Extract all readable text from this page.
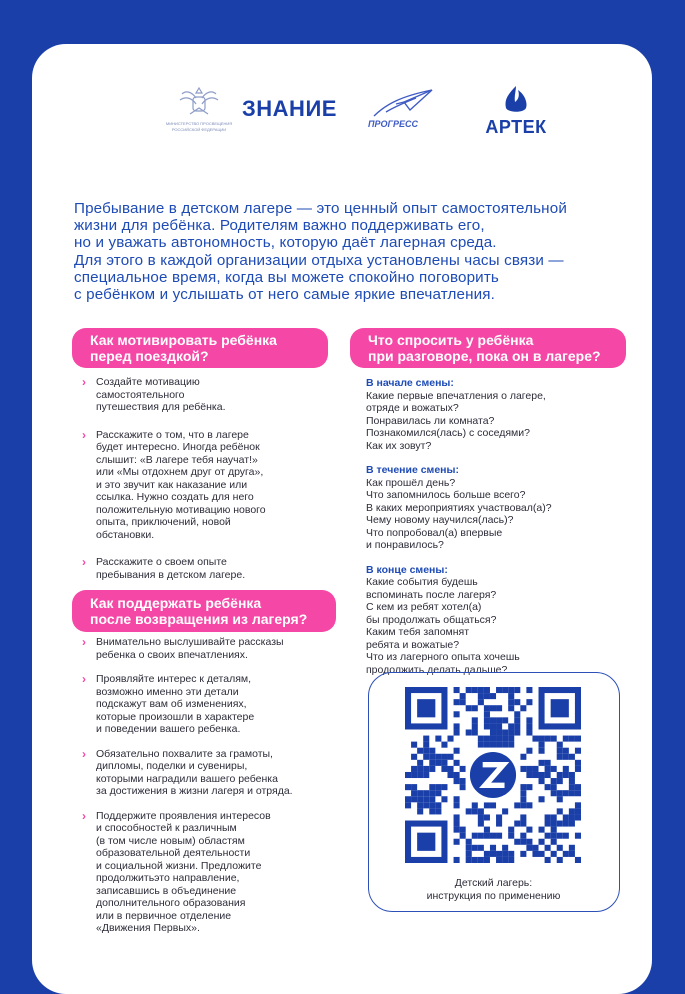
МИНИСТЕРСТВО ПРОСВЕЩЕНИЯ
РОССИЙСКОЙ ФЕДЕРАЦИИ
ЗНАНИЕ
ПРОГРЕСС	АРТЕК
Пребывание в детском лагере — это ценный опыт самостоятельной
жизни для ребёнка. Родителям важно поддерживать его,
но и уважать автономность, которую даёт лагерная среда.
Для этого в каждой организации отдыха установлены часы связи —
специальное время, когда вы можете спокойно поговорить
с ребёнком и услышать от него самые яркие впечатления.
Как мотивировать ребёнка
перед поездкой?
Что спросить у ребёнка
при разговоре, пока он в лагере?
› Создайте мотивацию
самостоятельного
путешествия для ребёнка.
› Расскажите о том, что в лагере
будет интересно. Иногда ребёнок
слышит: «В лагере тебя научат!»
или «Мы отдохнем друг от друга»,
и это звучит как наказание или
ссылка. Нужно создать для него
положительную мотивацию нового
опыта, приключений, новой
обстановки.
› Расскажите о своем опыте
пребывания в детском лагере.
Как поддержать ребёнка
после возвращения из лагеря?
› Внимательно выслушивайте рассказы
ребенка о своих впечатлениях.
› Проявляйте интерес к деталям,
возможно именно эти детали
подскажут вам об изменениях,
которые произошли в характере
и поведении вашего ребенка.
› Обязательно похвалите за грамоты,
дипломы, поделки и сувениры,
которыми наградили вашего ребенка
за достижения в жизни лагеря и отряда.
› Поддержите проявления интересов
и способностей к различным
(в том числе новым) областям
образовательной деятельности
и социальной жизни. Предложите
продолжитьэто направление,
записавшись в объединение
дополнительного образования
или в первичное отделение
«Движения Первых».
В начале смены:
Какие первые впечатления о лагере,
отряде и вожатых?
Понравилась ли комната?
Познакомился(лась) с соседями?
Как их зовут?
В течение смены:
Как прошёл день?
Что запомнилось больше всего?
В каких мероприятиях участвовал(а)?
Чему новому научился(лась)?
Что попробовал(а) впервые
и понравилось?
В конце смены:
Какие события будешь
вспоминать после лагеря?
С кем из ребят хотел(а)
бы продолжать общаться?
Каким тебя запомнят
ребята и вожатые?
Что из лагерного опыта хочешь
продолжить делать дальше?
Детский лагерь:
инструкция по применению
